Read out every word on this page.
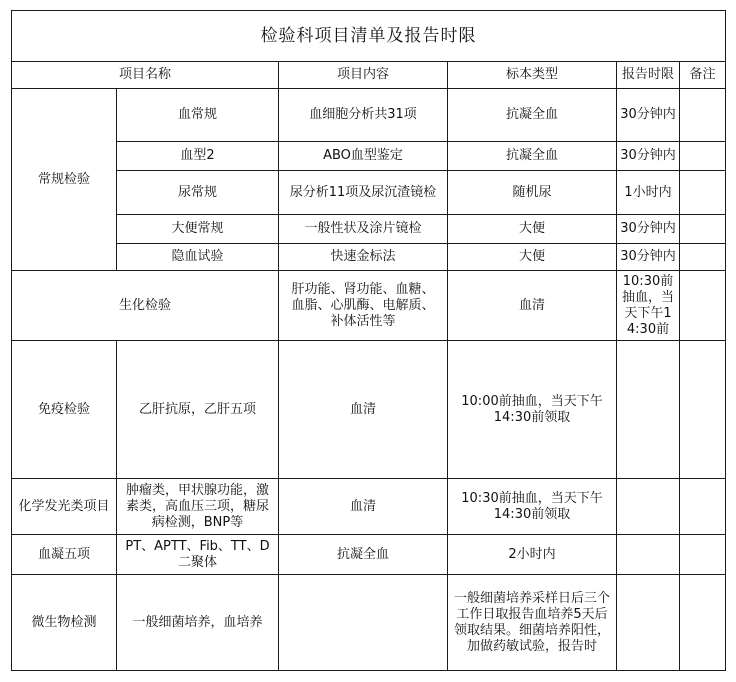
检验科项目清单及报告时限					
项目名称		项目内容	标本类型	报告时限	备注
常规检验	血常规	血细胞分析共31项	抗凝全血	30分钟内	
	血型2	ABO血型鉴定	抗凝全血	30分钟内	
	尿常规	尿分析11项及尿沉渣镜检	随机尿	1小时内	
	大便常规	一般性状及涂片镜检	大便	30分钟内	
	隐血试验	快速金标法	大便	30分钟内	
生化检验		肝功能、肾功能、血糖、血脂、心肌酶、电解质、补体活性等	血清	10:30前抽血，当天下午14:30前	
免疫检验	乙肝抗原，乙肝五项	血清	10:00前抽血，当天下午14:30前领取		
化学发光类项目	肿瘤类，甲状腺功能，激素类，高血压三项，糖尿病检测，BNP等	血清	10:30前抽血，当天下午14:30前领取		
血凝五项	PT、APTT、Fib、TT、D二聚体	抗凝全血	2小时内		
微生物检测	一般细菌培养，血培养		一般细菌培养采样日后三个工作日取报告血培养5天后领取结果。细菌培养阳性，加做药敏试验，报告时		
